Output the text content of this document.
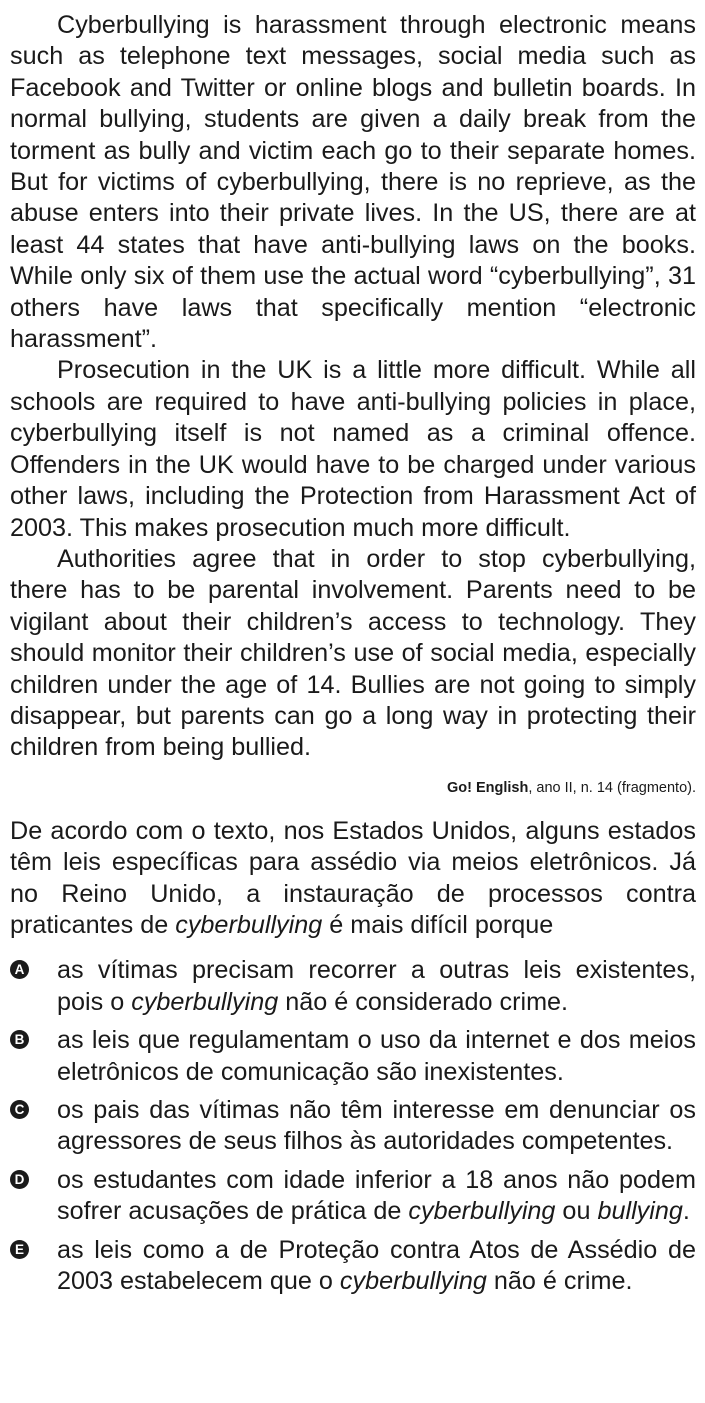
Cyberbullying is harassment through electronic means such as telephone text messages, social media such as Facebook and Twitter or online blogs and bulletin boards. In normal bullying, students are given a daily break from the torment as bully and victim each go to their separate homes. But for victims of cyberbullying, there is no reprieve, as the abuse enters into their private lives. In the US, there are at least 44 states that have anti-bullying laws on the books. While only six of them use the actual word “cyberbullying”, 31 others have laws that specifically mention “electronic harassment”.

Prosecution in the UK is a little more difficult. While all schools are required to have anti-bullying policies in place, cyberbullying itself is not named as a criminal offence. Offenders in the UK would have to be charged under various other laws, including the Protection from Harassment Act of 2003. This makes prosecution much more difficult.

Authorities agree that in order to stop cyberbullying, there has to be parental involvement. Parents need to be vigilant about their children’s access to technology. They should monitor their children’s use of social media, especially children under the age of 14. Bullies are not going to simply disappear, but parents can go a long way in protecting their children from being bullied.

Go! English, ano II, n. 14 (fragmento).

De acordo com o texto, nos Estados Unidos, alguns estados têm leis específicas para assédio via meios eletrônicos. Já no Reino Unido, a instauração de processos contra praticantes de cyberbullying é mais difícil porque

A as vítimas precisam recorrer a outras leis existentes, pois o cyberbullying não é considerado crime.
B as leis que regulamentam o uso da internet e dos meios eletrônicos de comunicação são inexistentes.
C os pais das vítimas não têm interesse em denunciar os agressores de seus filhos às autoridades competentes.
D os estudantes com idade inferior a 18 anos não podem sofrer acusações de prática de cyberbullying ou bullying.
E as leis como a de Proteção contra Atos de Assédio de 2003 estabelecem que o cyberbullying não é crime.
